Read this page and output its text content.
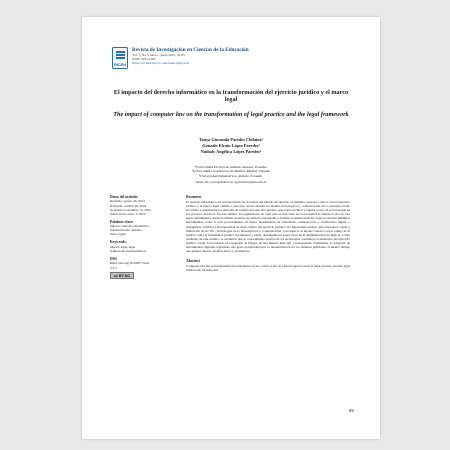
RICEd
Revista de Investigación en Ciencias de la Educación
Vol. 3, No 5, enero - junio 2025, 55-65
ISSN: 3073-1461
https://revistaclitecyt.com/index.php/riced
El impacto del derecho informático en la transformación del ejercicio jurídico y el marco legal
The impact of computer law on the transformation of legal practice and the legal framework
Tanya Giovanda Paredes Chilaina¹
Gonzalo Efraín López Paredes²
Nathaly Angélica López Paredes³
¹Universidad Técnica de Ambato, Ambato, Ecuador.
²Universidad Complutense de Madrid, Madrid, España.
³Universidad Indoamérica, Ambato, Ecuador.
¹Autor de correspondencia: tg.paredes@uta.edu.ec
Datos del artículo:
Recibido: agosto 20, 2024
Revisado: octubre 29, 2024
Aceptado: noviembre 15, 2024
Publicación: enero 1, 2025
Palabras clave:
impacto, derecho informático,
transformación, jurídico,
marco legal.
Keywords:
impact, legal, legal
framework, transformation.
DOI
https://doi.org/10.59877/riced
3.5-3
cc BY-NC
Resumen
El derecho informático, ha revolucionado las fronteras del mundo del derecho en distintos aspectos como lo son el ejercicio jurídico y el marco legal, debido a que esta ciencia estudia los medios tecnológicos y comunicación de la sociedad actual, ha venido a transformar los métodos de estudio del ejercicio jurídico, que busca facilitar y regular el uso de la tecnología en los procesos jurídicos. En este ámbito, los legisladores de cada país se han visto en la necesidad de fundar el uso de esta nueva herramienta, donde la misma se utilice de manera responsable y facilite al sistema judicial. Aquí se resaltan múltiples herramientas, como lo son, procesamiento de datos, herramientas de contenidos, comunicación y verificación digital, e inteligencia artificial e incorporación de datos dentro del ejercicio jurídico. Es importante resaltar, que esta nueva visión y utilización de las TIC, Tecnologías de la Investigación y Comunicación, con respecto al interés colectivo en el campo de la justicia como la informática jurídica documental y penal, desempeña un papel clave en la administración de justicia. Como resultado de este estudio, se evidencia que el conocimiento general de las tecnologías contribuye al desarrollo del ejercicio jurídico actual, favoreciendo la resolución de litigios de una manera más ágil y transparente. Finalmente, la adopción de herramientas digitales representa una gran oportunidad para la modernización de los sistemas judiciales, al mismo tiempo que plantea nuevos desafíos éticos y normativos.
Abstract
Computer law has revolutionized the boundaries of the world of law in various aspects such as legal practice and the legal framework, because this
55
